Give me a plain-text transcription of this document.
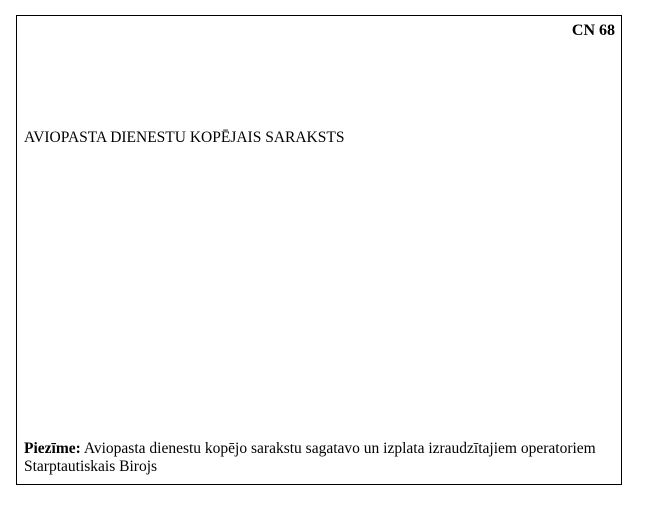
CN 68
AVIOPASTA DIENESTU KOPĒJAIS SARAKSTS
Piezīme: Aviopasta dienestu kopējo sarakstu sagatavo un izplata izraudzītajiem operatoriem Starptautiskais Birojs
